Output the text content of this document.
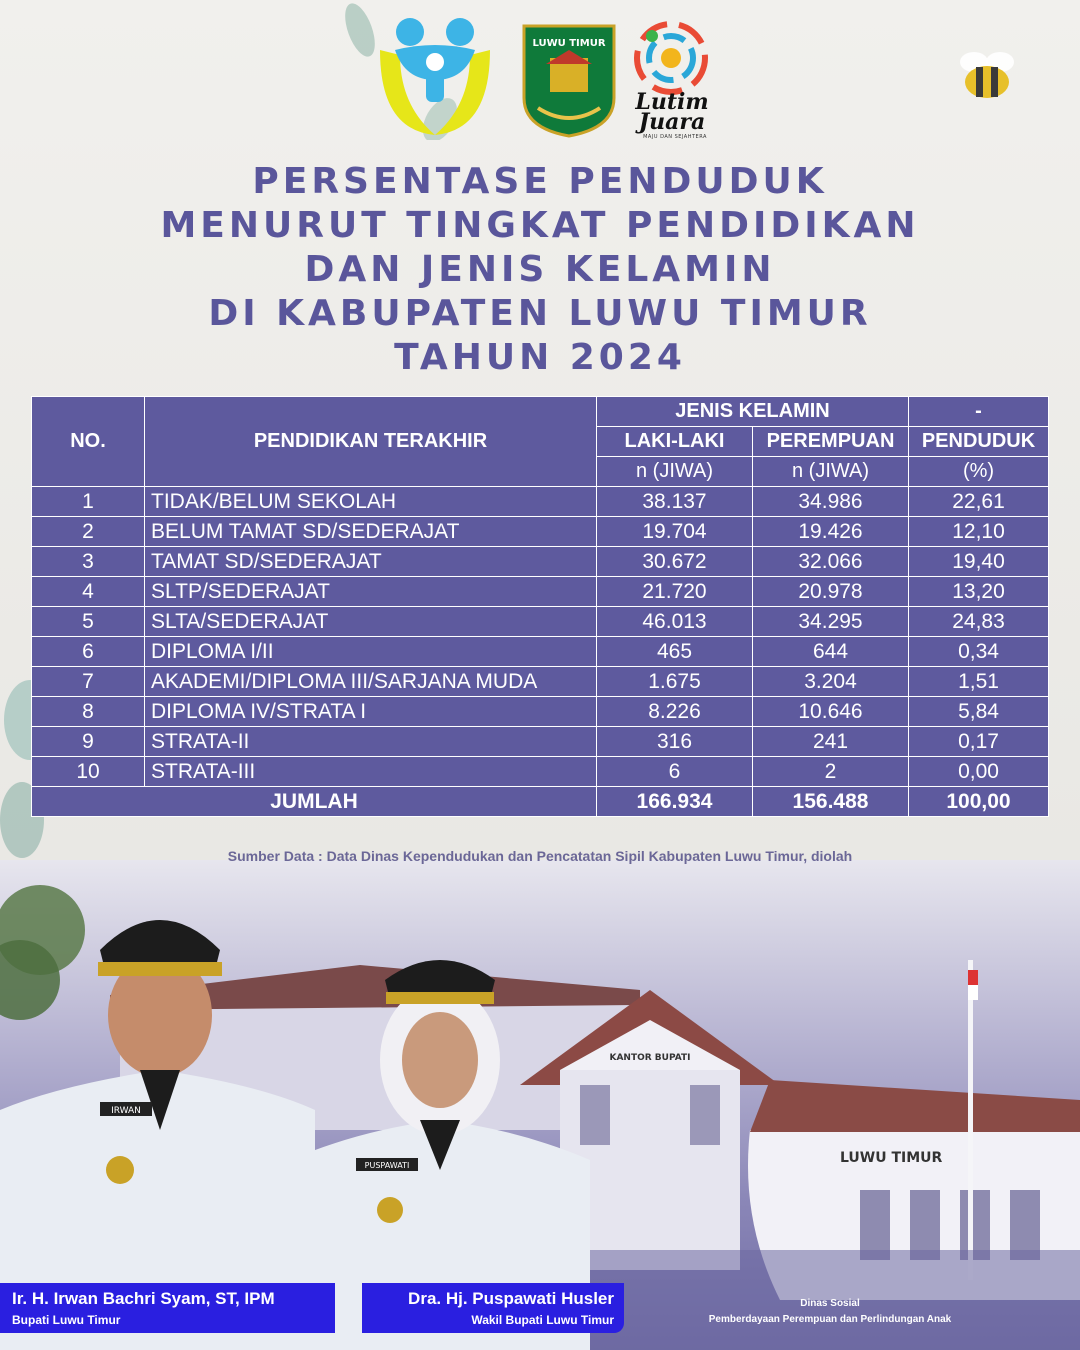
LUWU TIMUR
Lutim Juara
MAJU DAN SEJAHTERA
PERSENTASE PENDUDUK
MENURUT TINGKAT PENDIDIKAN
DAN JENIS KELAMIN
DI KABUPATEN LUWU TIMUR
TAHUN 2024
NO.	PENDIDIKAN TERAKHIR	JENIS KELAMIN		-
		LAKI-LAKI	PEREMPUAN	PENDUDUK
		n (JIWA)	n (JIWA)	(%)
1	TIDAK/BELUM SEKOLAH	38.137	34.986	22,61
2	BELUM TAMAT SD/SEDERAJAT	19.704	19.426	12,10
3	TAMAT SD/SEDERAJAT	30.672	32.066	19,40
4	SLTP/SEDERAJAT	21.720	20.978	13,20
5	SLTA/SEDERAJAT	46.013	34.295	24,83
6	DIPLOMA I/II	465	644	0,34
7	AKADEMI/DIPLOMA III/SARJANA MUDA	1.675	3.204	1,51
8	DIPLOMA IV/STRATA I	8.226	10.646	5,84
9	STRATA-II	316	241	0,17
10	STRATA-III	6	2	0,00
JUMLAH		166.934	156.488	100,00
Sumber Data : Data Dinas Kependudukan dan Pencatatan Sipil Kabupaten Luwu Timur, diolah
KANTOR BUPATI
LUWU TIMUR
IRWAN
PUSPAWATI
Ir. H. Irwan Bachri Syam, ST, IPM
Bupati Luwu Timur
Dra. Hj. Puspawati Husler
Wakil Bupati Luwu Timur
Dinas Sosial
Pemberdayaan Perempuan dan Perlindungan Anak
